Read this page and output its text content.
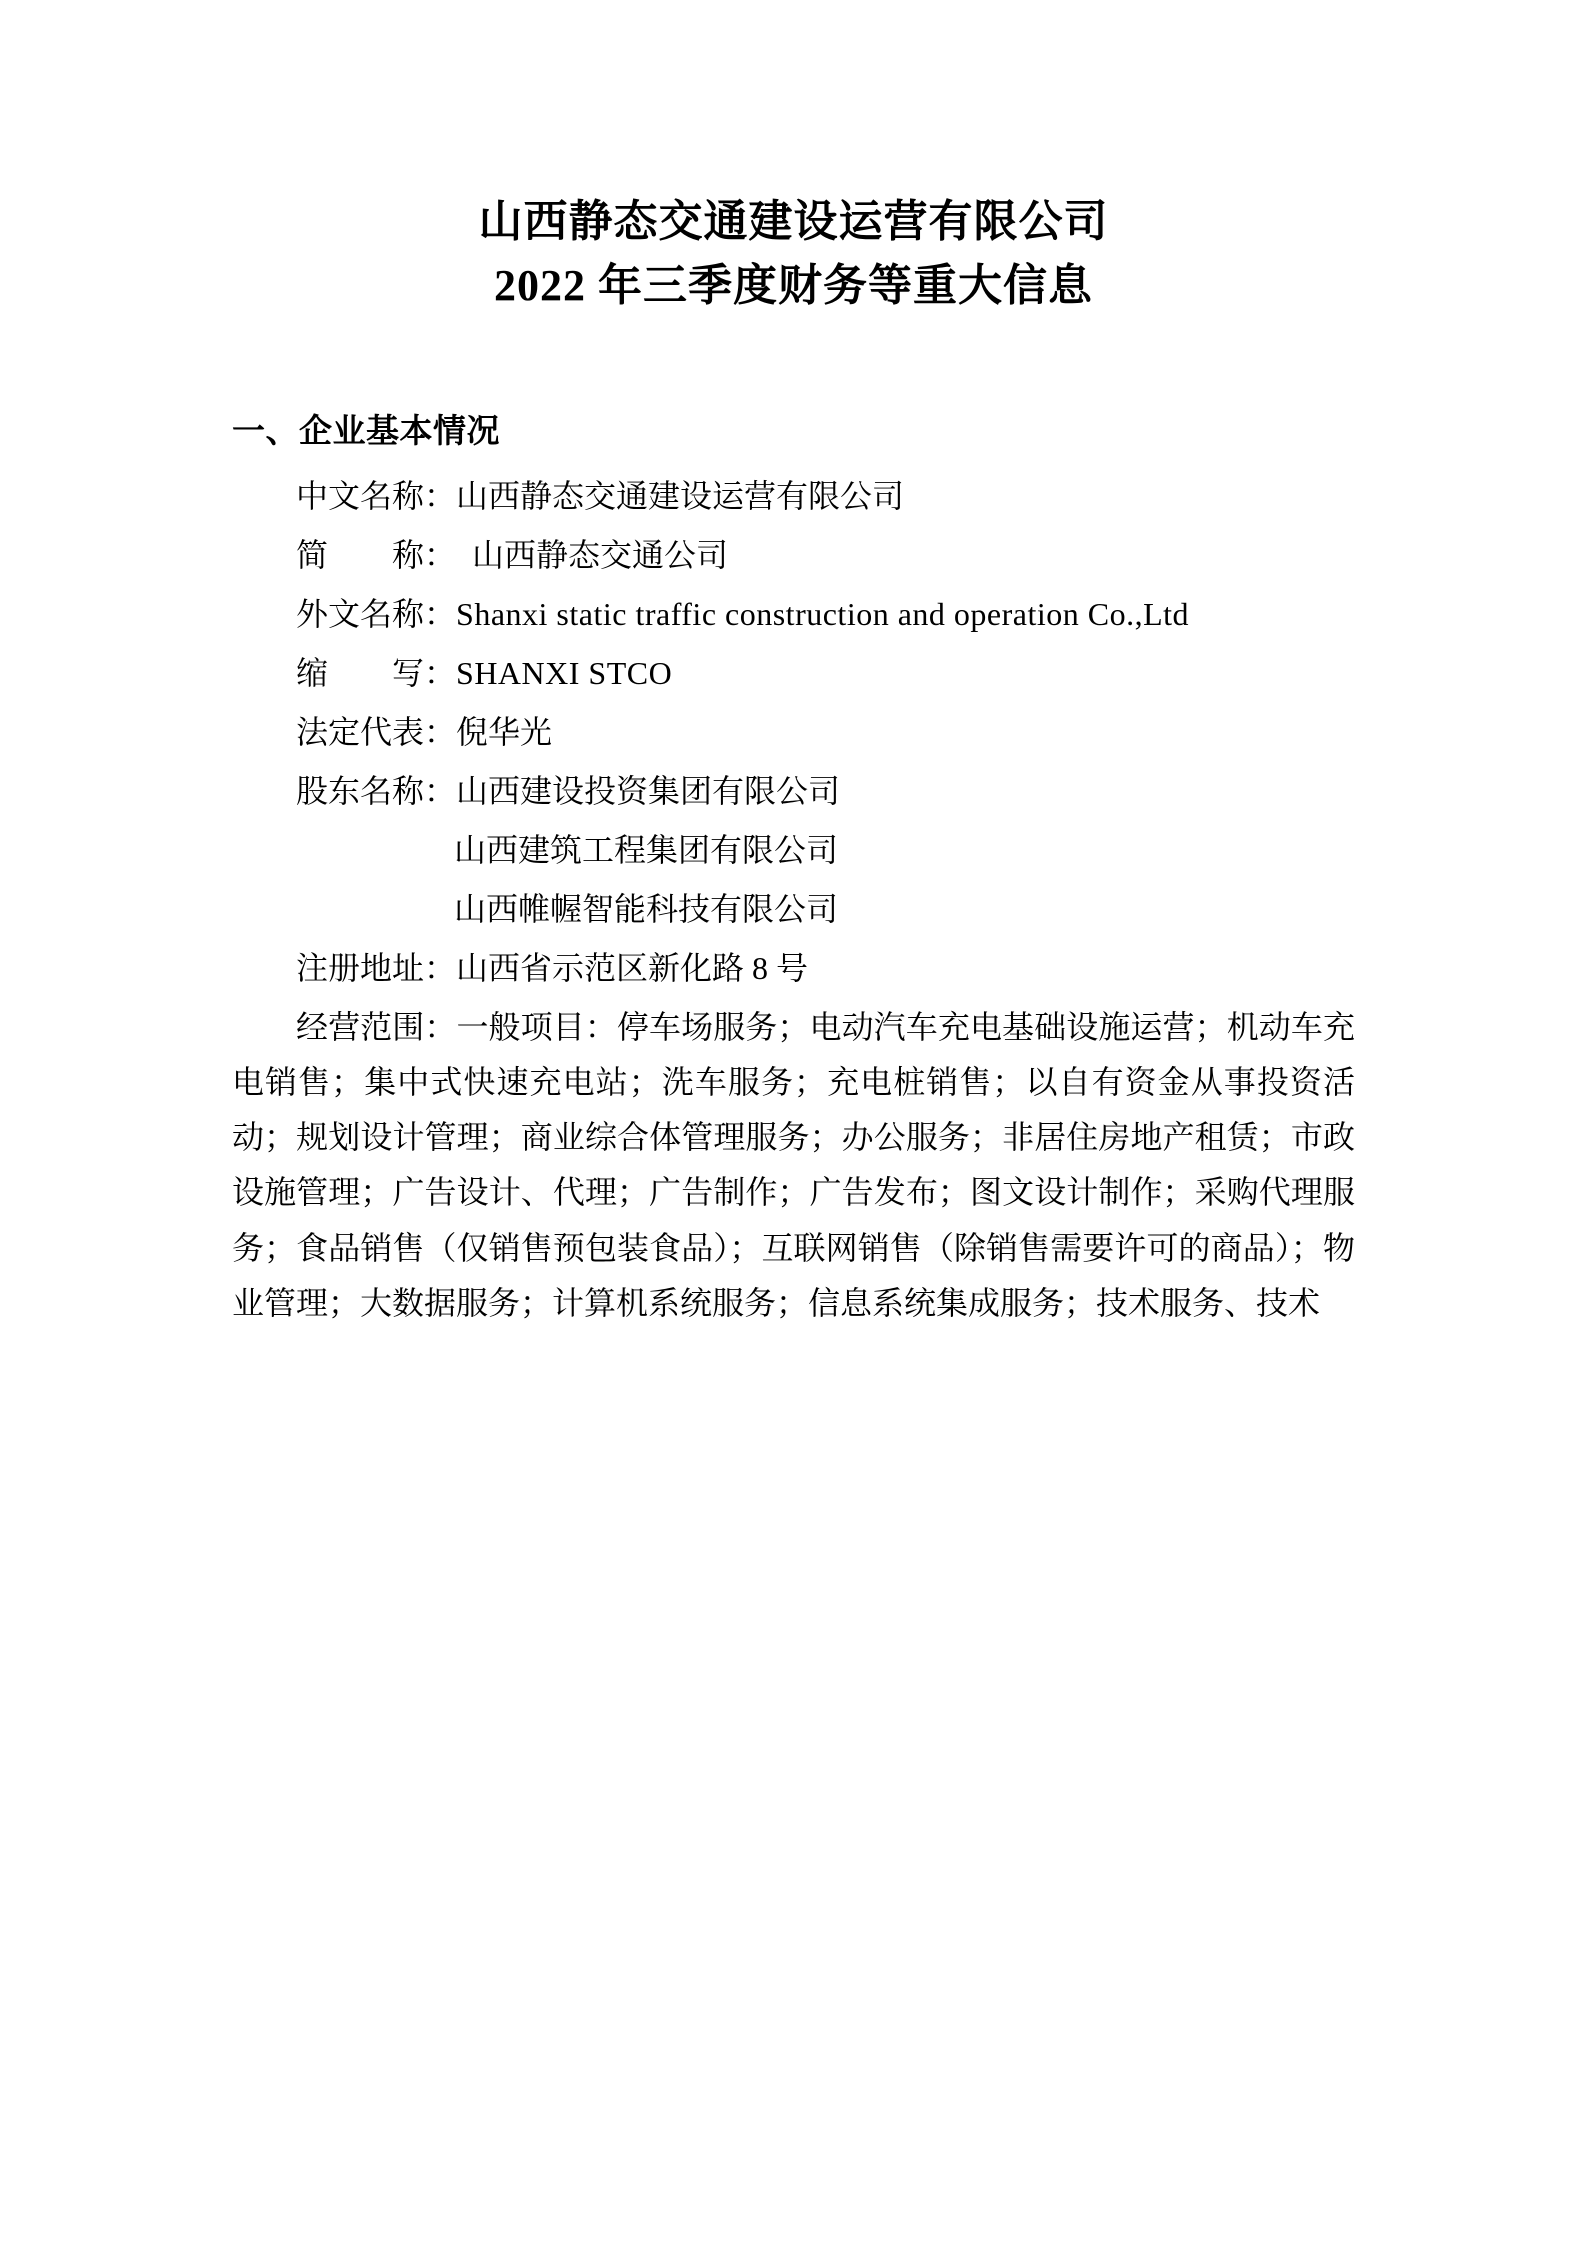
山西静态交通建设运营有限公司
2022 年三季度财务等重大信息
一、企业基本情况

中文名称：山西静态交通建设运营有限公司

简　　称：　山西静态交通公司

外文名称：Shanxi static traffic construction and operation Co.,Ltd

缩　　写：SHANXI STCO

法定代表：倪华光

股东名称：山西建设投资集团有限公司

山西建筑工程集团有限公司

山西帷幄智能科技有限公司

注册地址：山西省示范区新化路 8 号

经营范围：一般项目：停车场服务；电动汽车充电基础设施运营；机动车充电销售；集中式快速充电站；洗车服务；充电桩销售；以自有资金从事投资活动；规划设计管理；商业综合体管理服务；办公服务；非居住房地产租赁；市政设施管理；广告设计、代理；广告制作；广告发布；图文设计制作；采购代理服务；食品销售（仅销售预包装食品）；互联网销售（除销售需要许可的商品）；物业管理；大数据服务；计算机系统服务；信息系统集成服务；技术服务、技术
